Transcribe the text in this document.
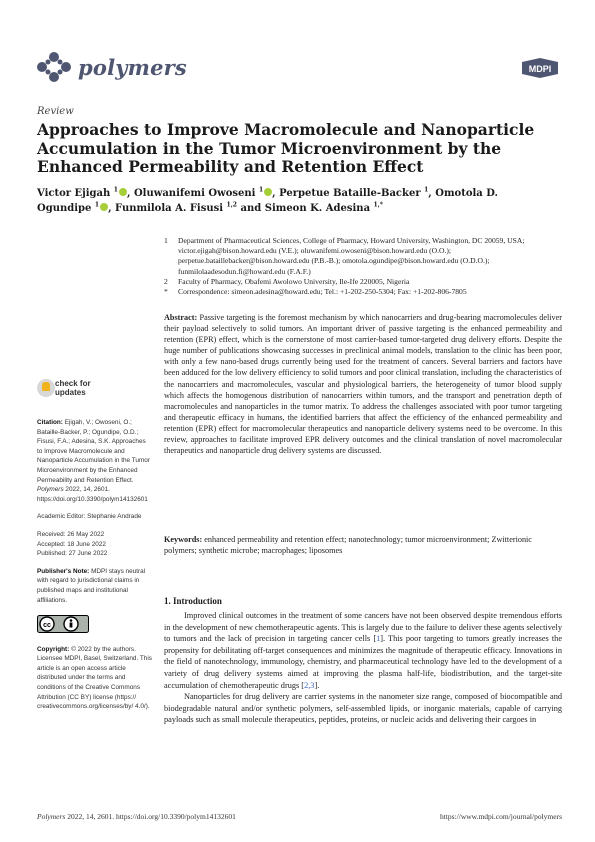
polymers	MDPI
Review
Approaches to Improve Macromolecule and Nanoparticle Accumulation in the Tumor Microenvironment by the Enhanced Permeability and Retention Effect
Victor Ejigah $^1$ , Oluwanifemi Owoseni $^1$ , Perpetue Bataille-Backer $^1$, Omotola D. Ogundipe $^1$ , Funmilola A. Fisusi $^{1,2}$ and Simeon K. Adesina $^{1,*}$
1	Department of Pharmaceutical Sciences, College of Pharmacy, Howard University, Washington, DC 20059, USA; victor.ejigah@bison.howard.edu (V.E.); oluwanifemi.owoseni@bison.howard.edu (O.O.); perpetue.bataillebacker@bison.howard.edu (P.B.-B.); omotola.ogundipe@bison.howard.edu (O.D.O.); funmilolaadesodun.fi@howard.edu (F.A.F.)
2	Faculty of Pharmacy, Obafemi Awolowo University, Ile-Ife 220005, Nigeria
*	Correspondence: simeon.adesina@howard.edu; Tel.: +1-202-250-5304; Fax: +1-202-806-7805
Abstract: Passive targeting is the foremost mechanism by which nanocarriers and drug-bearing macromolecules deliver their payload selectively to solid tumors. An important driver of passive targeting is the enhanced permeability and retention (EPR) effect, which is the cornerstone of most carrier-based tumor-targeted drug delivery efforts. Despite the huge number of publications showcasing successes in preclinical animal models, translation to the clinic has been poor, with only a few nano-based drugs currently being used for the treatment of cancers. Several barriers and factors have been adduced for the low delivery efficiency to solid tumors and poor clinical translation, including the characteristics of the nanocarriers and macromolecules, vascular and physiological barriers, the heterogeneity of tumor blood supply which affects the homogenous distribution of nanocarriers within tumors, and the transport and penetration depth of macromolecules and nanoparticles in the tumor matrix. To address the challenges associated with poor tumor targeting and therapeutic efficacy in humans, the identified barriers that affect the efficiency of the enhanced permeability and retention (EPR) effect for macromolecular therapeutics and nanoparticle delivery systems need to be overcome. In this review, approaches to facilitate improved EPR delivery outcomes and the clinical translation of novel macromolecular therapeutics and nanoparticle drug delivery systems are discussed.
Keywords: enhanced permeability and retention effect; nanotechnology; tumor microenvironment; Zwitterionic polymers; synthetic microbe; macrophages; liposomes
check for
updates
Citation: Ejigah, V.; Owoseni, O.; Bataille-Backer, P.; Ogundipe, O.D.; Fisusi, F.A.; Adesina, S.K. Approaches to Improve Macromolecule and Nanoparticle Accumulation in the Tumor Microenvironment by the Enhanced Permeability and Retention Effect. Polymers 2022, 14, 2601. https://doi.org/10.3390/polym14132601
Academic Editor: Stephanie Andrade
Received: 26 May 2022
Accepted: 18 June 2022
Published: 27 June 2022
Publisher's Note: MDPI stays neutral with regard to jurisdictional claims in published maps and institutional affiliations.
cc
Copyright: © 2022 by the authors. Licensee MDPI, Basel, Switzerland. This article is an open access article distributed under the terms and conditions of the Creative Commons Attribution (CC BY) license (https:// creativecommons.org/licenses/by/ 4.0/).
1. Introduction

Improved clinical outcomes in the treatment of some cancers have not been observed despite tremendous efforts in the development of new chemotherapeutic agents. This is largely due to the failure to deliver these agents selectively to tumors and the lack of precision in targeting cancer cells [1]. This poor targeting to tumors greatly increases the propensity for debilitating off-target consequences and minimizes the magnitude of therapeutic efficacy. Innovations in the field of nanotechnology, immunology, chemistry, and pharmaceutical technology have led to the development of a variety of drug delivery systems aimed at improving the plasma half-life, biodistribution, and the target-site accumulation of chemotherapeutic drugs [2,3].

Nanoparticles for drug delivery are carrier systems in the nanometer size range, composed of biocompatible and biodegradable natural and/or synthetic polymers, self-assembled lipids, or inorganic materials, capable of carrying payloads such as small molecule therapeutics, peptides, proteins, or nucleic acids and delivering their cargoes in

Polymers 2022, 14, 2601. https://doi.org/10.3390/polym14132601	https://www.mdpi.com/journal/polymers
